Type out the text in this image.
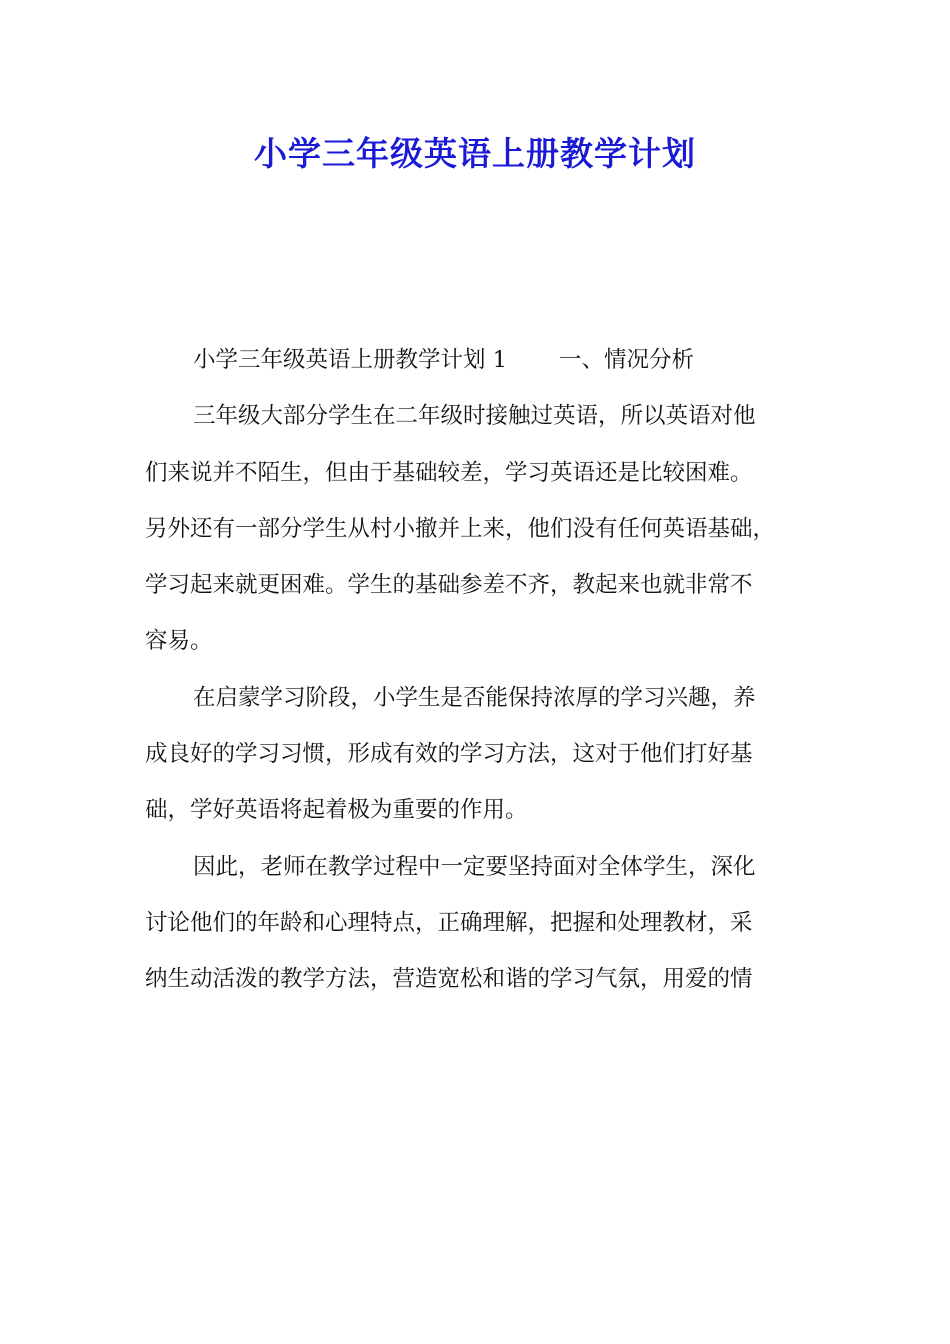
小学三年级英语上册教学计划
小学三年级英语上册教学计划 1 一、情况分析
三年级大部分学生在二年级时接触过英语，所以英语对他
们来说并不陌生，但由于基础较差，学习英语还是比较困难。
另外还有一部分学生从村小撤并上来，他们没有任何英语基础，
学习起来就更困难。学生的基础参差不齐，教起来也就非常不
容易。
在启蒙学习阶段，小学生是否能保持浓厚的学习兴趣，养
成良好的学习习惯，形成有效的学习方法，这对于他们打好基
础，学好英语将起着极为重要的作用。
因此，老师在教学过程中一定要坚持面对全体学生，深化
讨论他们的年龄和心理特点，正确理解，把握和处理教材，采
纳生动活泼的教学方法，营造宽松和谐的学习气氛，用爱的情
